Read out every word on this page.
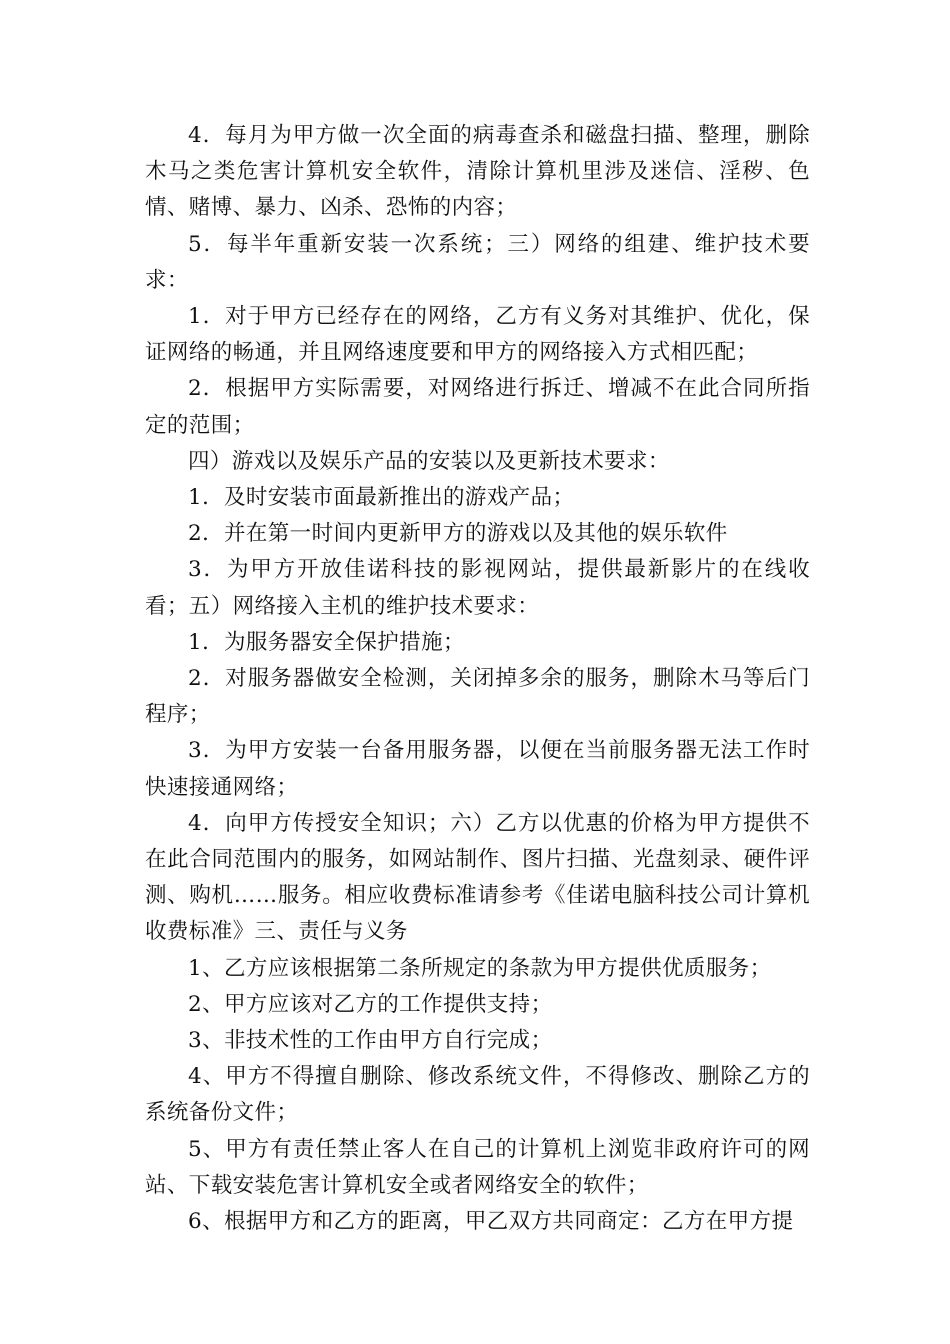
4．每月为甲方做一次全面的病毒查杀和磁盘扫描、整理，删除木马之类危害计算机安全软件，清除计算机里涉及迷信、淫秽、色情、赌博、暴力、凶杀、恐怖的内容；

5．每半年重新安装一次系统；三）网络的组建、维护技术要求：

1．对于甲方已经存在的网络，乙方有义务对其维护、优化，保证网络的畅通，并且网络速度要和甲方的网络接入方式相匹配；

2．根据甲方实际需要，对网络进行拆迁、增减不在此合同所指定的范围；

四）游戏以及娱乐产品的安装以及更新技术要求：

1．及时安装市面最新推出的游戏产品；

2．并在第一时间内更新甲方的游戏以及其他的娱乐软件

3．为甲方开放佳诺科技的影视网站，提供最新影片的在线收看；五）网络接入主机的维护技术要求：

1．为服务器安全保护措施；

2．对服务器做安全检测，关闭掉多余的服务，删除木马等后门程序；

3．为甲方安装一台备用服务器，以便在当前服务器无法工作时快速接通网络；

4．向甲方传授安全知识；六）乙方以优惠的价格为甲方提供不在此合同范围内的服务，如网站制作、图片扫描、光盘刻录、硬件评测、购机……服务。相应收费标准请参考《佳诺电脑科技公司计算机收费标准》三、责任与义务

1、乙方应该根据第二条所规定的条款为甲方提供优质服务；

2、甲方应该对乙方的工作提供支持；

3、非技术性的工作由甲方自行完成；

4、甲方不得擅自删除、修改系统文件，不得修改、删除乙方的系统备份文件；

5、甲方有责任禁止客人在自己的计算机上浏览非政府许可的网站、下载安装危害计算机安全或者网络安全的软件；

6、根据甲方和乙方的距离，甲乙双方共同商定：乙方在甲方提
